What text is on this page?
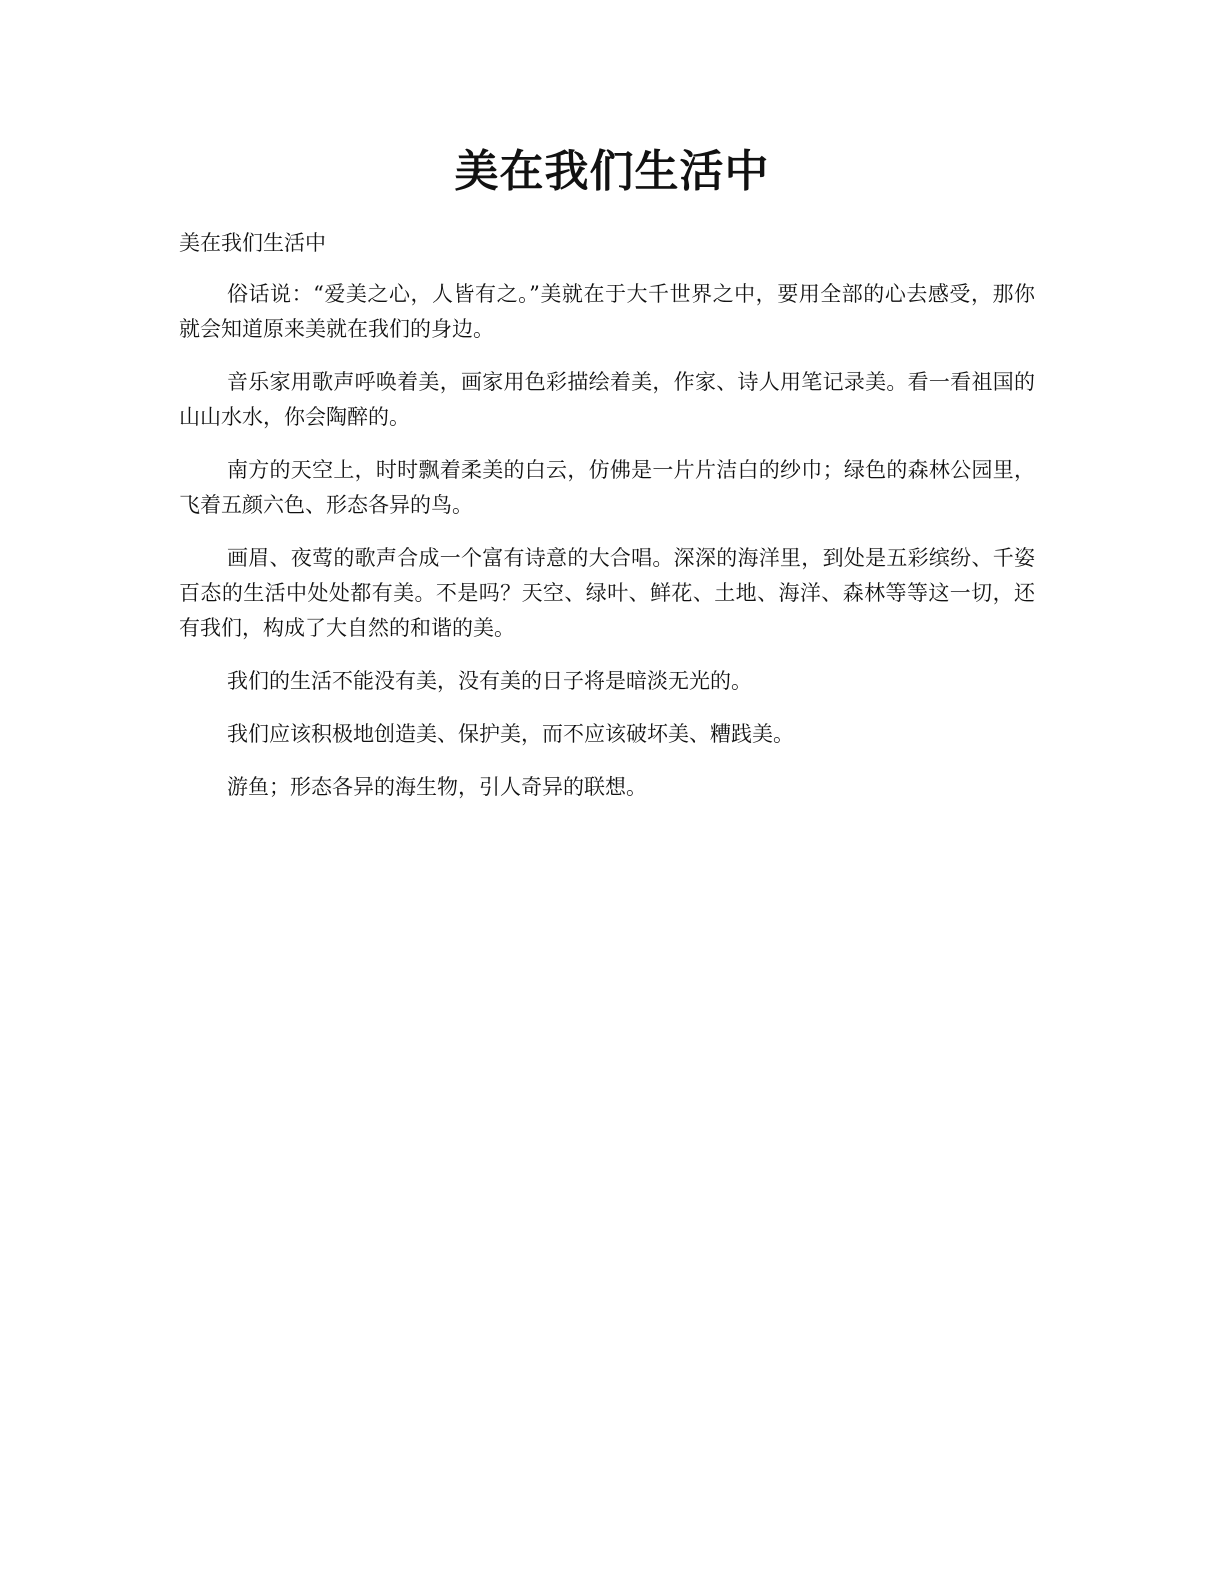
美在我们生活中

美在我们生活中

俗话说：“爱美之心，人皆有之。”美就在于大千世界之中，要用全部的心去感受，那你就会知道原来美就在我们的身边。

音乐家用歌声呼唤着美，画家用色彩描绘着美，作家、诗人用笔记录美。看一看祖国的山山水水，你会陶醉的。

南方的天空上，时时飘着柔美的白云，仿佛是一片片洁白的纱巾；绿色的森林公园里，飞着五颜六色、形态各异的鸟。

画眉、夜莺的歌声合成一个富有诗意的大合唱。深深的海洋里，到处是五彩缤纷、千姿百态的生活中处处都有美。不是吗？天空、绿叶、鲜花、土地、海洋、森林等等这一切，还有我们，构成了大自然的和谐的美。

我们的生活不能没有美，没有美的日子将是暗淡无光的。

我们应该积极地创造美、保护美，而不应该破坏美、糟践美。

游鱼；形态各异的海生物，引人奇异的联想。
